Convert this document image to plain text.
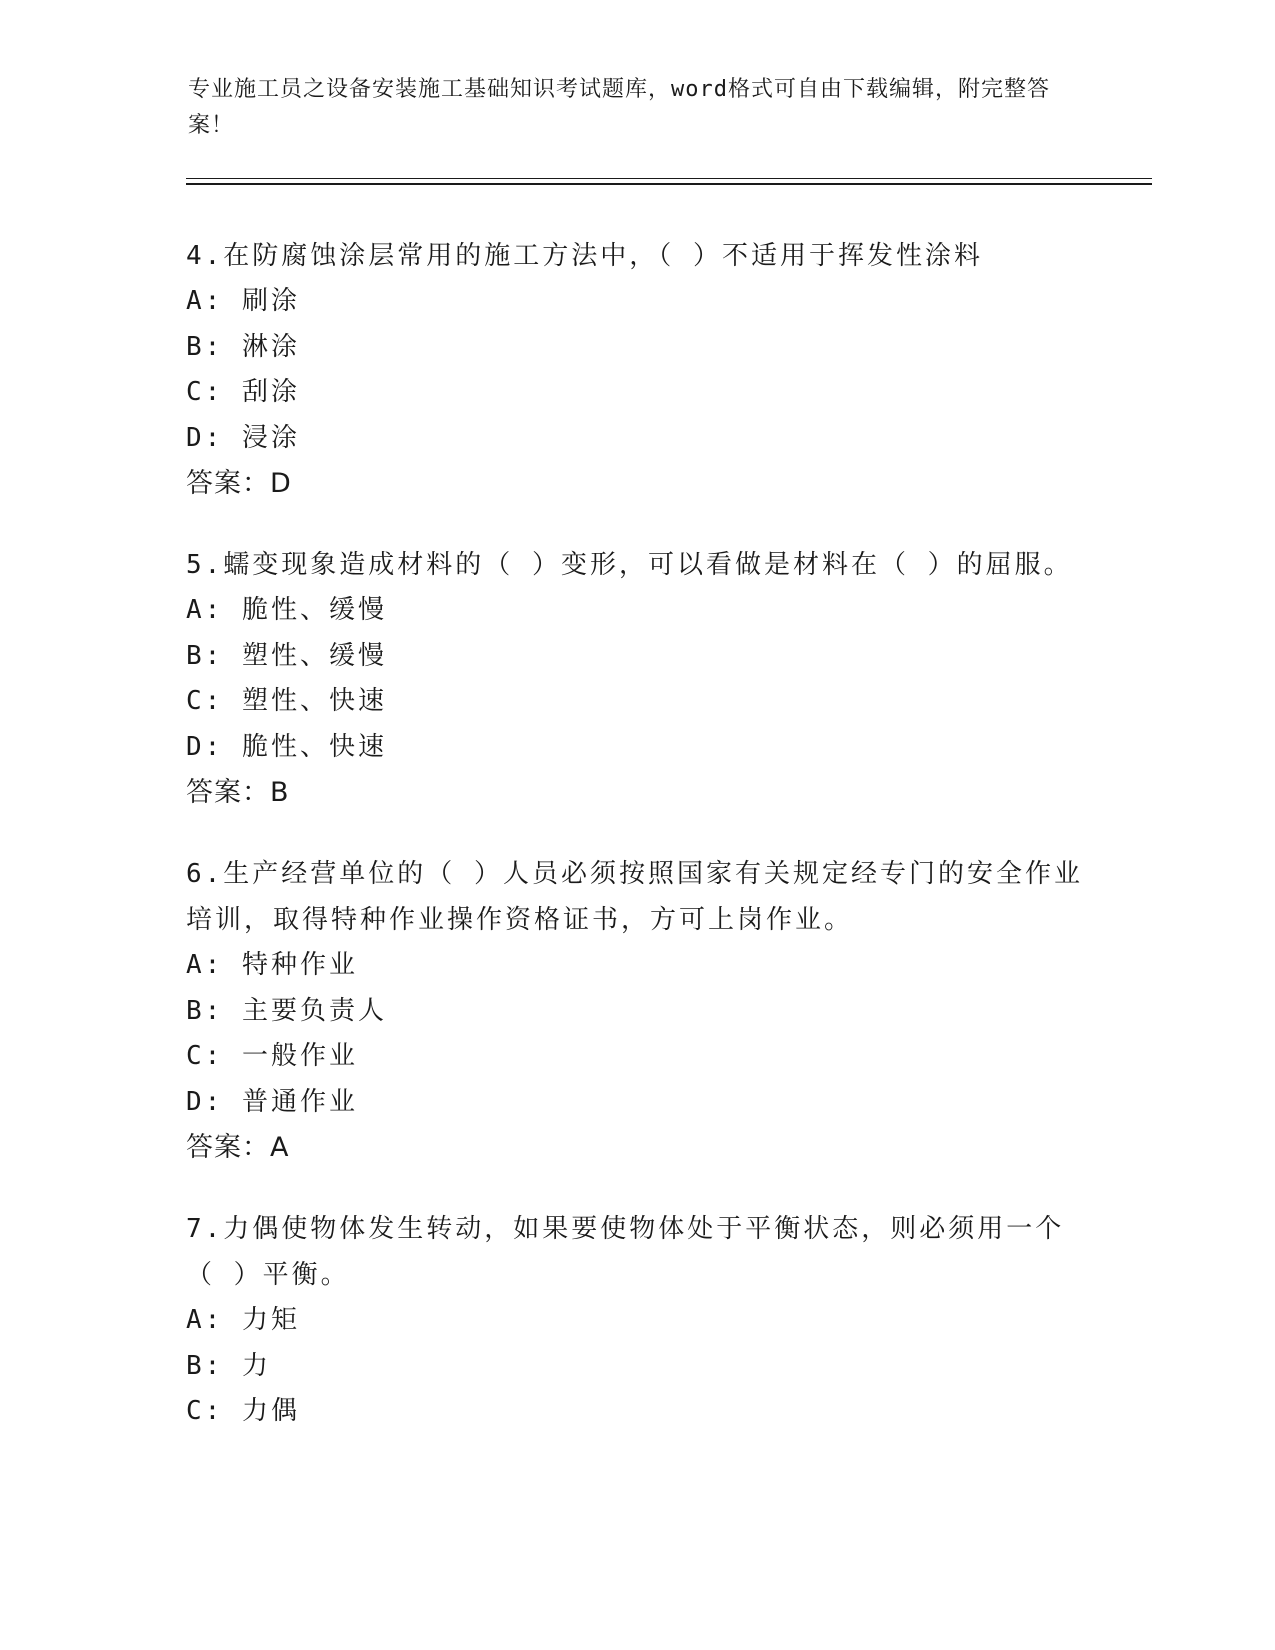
专业施工员之设备安装施工基础知识考试题库，word格式可自由下载编辑，附完整答案！
4.在防腐蚀涂层常用的施工方法中，（ ）不适用于挥发性涂料
A: 刷涂
B: 淋涂
C: 刮涂
D: 浸涂
答案：D
5.蠕变现象造成材料的（ ）变形，可以看做是材料在（ ）的屈服。
A: 脆性、缓慢
B: 塑性、缓慢
C: 塑性、快速
D: 脆性、快速
答案：B
6.生产经营单位的（ ）人员必须按照国家有关规定经专门的安全作业培训，取得特种作业操作资格证书，方可上岗作业。
A: 特种作业
B: 主要负责人
C: 一般作业
D: 普通作业
答案：A
7.力偶使物体发生转动，如果要使物体处于平衡状态，则必须用一个（ ）平衡。
A: 力矩
B: 力
C: 力偶
